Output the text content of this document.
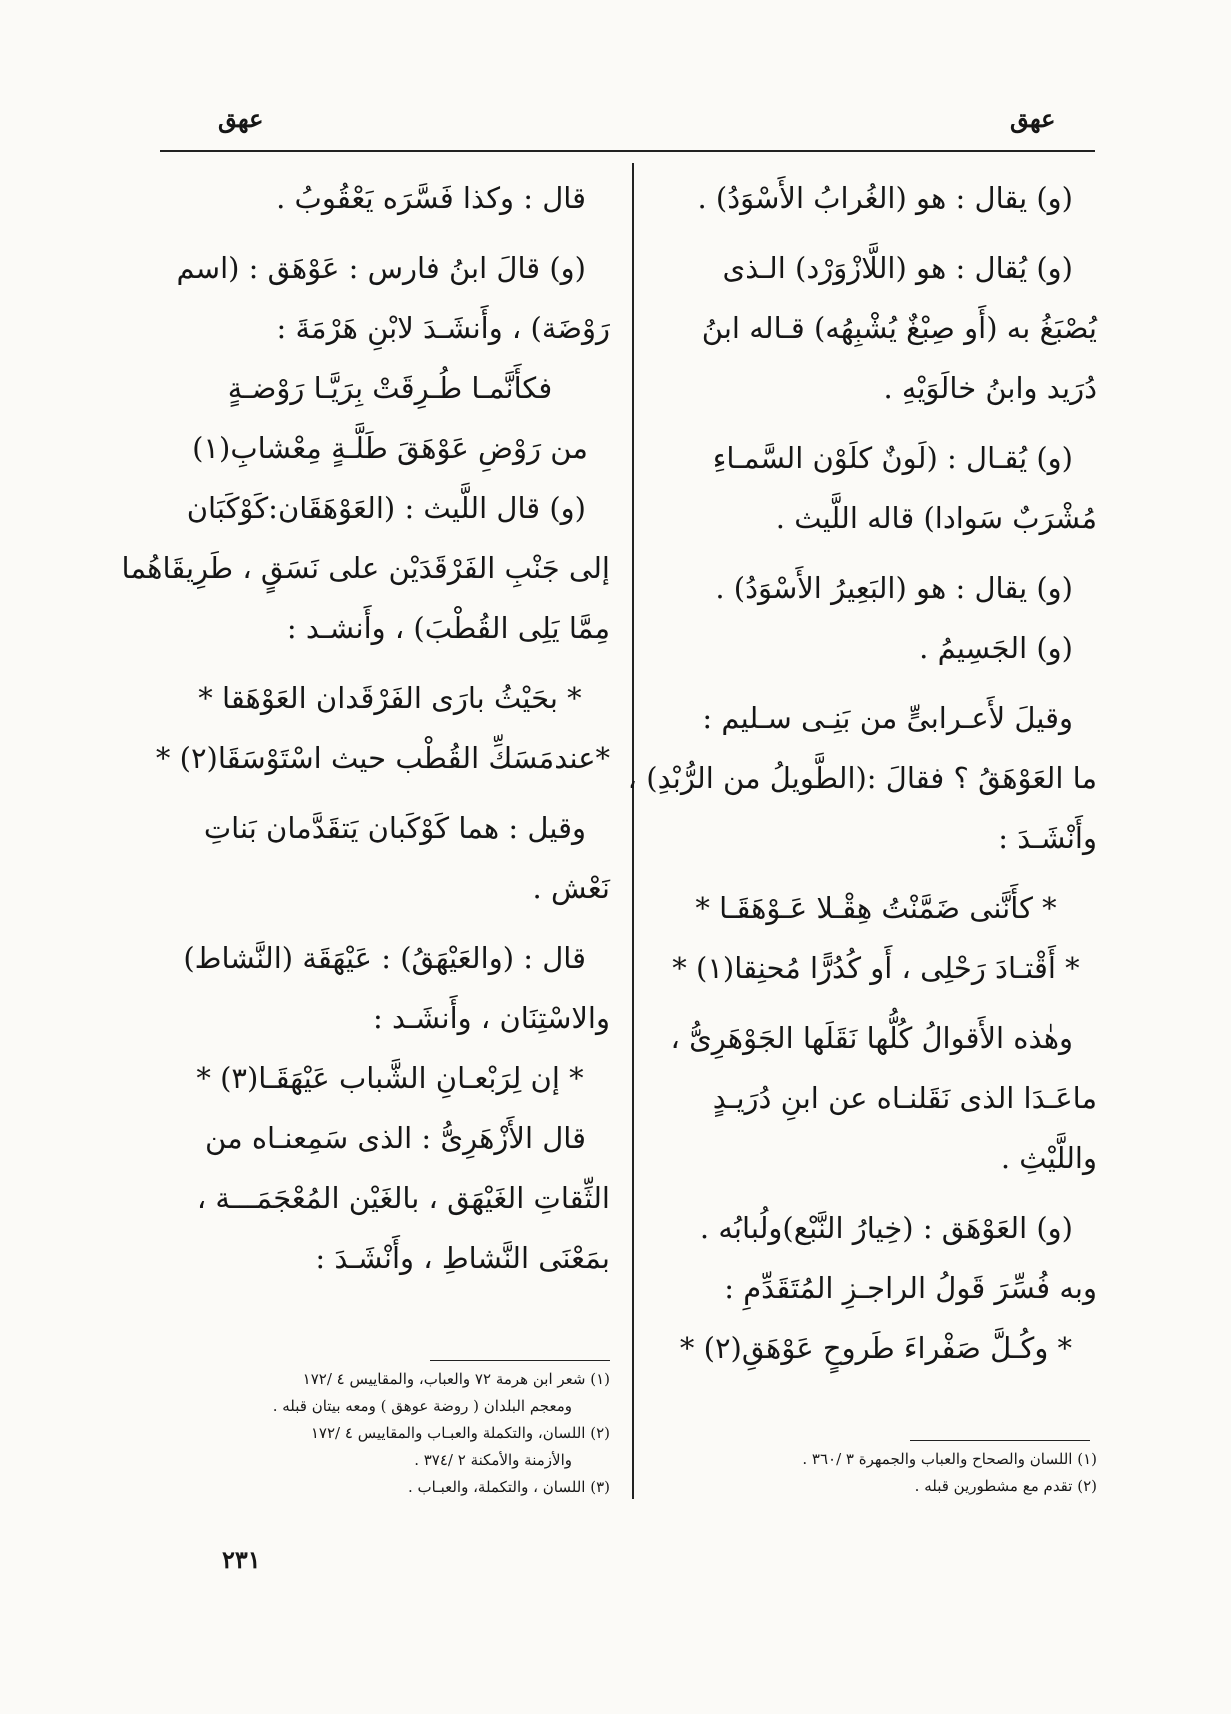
عهق	عهق
(و) يقال : هو (الغُرابُ الأَسْوَدُ) .
(و) يُقال : هو (اللَّازْوَرْد) الـذى
يُصْبَغُ به (أَو صِبْغٌ يُشْبِهُه) قـاله ابنُ
دُرَيد وابنُ خالَوَيْهِ .
(و) يُقـال : (لَونٌ كلَوْن السَّمـاءِ
مُشْرَبٌ سَوادا) قاله اللَّيث .
(و) يقال : هو (البَعِيرُ الأَسْوَدُ) .
(و) الجَسِيمُ .
وقيلَ لأَعـرابىٍّ من بَنِـى سـليم :
ما العَوْهَقُ ؟ فقالَ :(الطَّويلُ من الرُّبْدِ) ،
وأَنْشَـدَ :
* كأَنَّنى ضَمَّنْتُ هِقْـلا عَـوْهَقَـا *
* أَقْتـادَ رَحْلِى ، أَو كُدُرًّا مُحنِقا(١) *
وهٰذه الأَقوالُ كُلُّها نَقَلَها الجَوْهَرِىُّ ،
ماعَـدَا الذى نَقَلنـاه عن ابنِ دُرَيـدٍ
واللَّيْثِ .
(و) العَوْهَق : (خِيارُ النَّبْع)ولُبابُه .
وبه فُسِّرَ قَولُ الراجـزِ المُتَقَدِّمِ :
* وكُـلَّ صَفْراءَ طَروحٍ عَوْهَقِ(٢) *
قال : وكذا فَسَّرَه يَعْقُوبُ .
(و) قالَ ابنُ فارس : عَوْهَق : (اسم
رَوْضَة) ، وأَنشَـدَ لابْنِ هَرْمَةَ :
فكأَنَّمـا طُـرِقَتْ بِرَيَّـا رَوْضـةٍ
من رَوْضِ عَوْهَقَ طَلَّـةٍ مِعْشابِ(١)
(و) قال اللَّيث : (العَوْهَقَان:كَوْكَبَان
إلى جَنْبِ الفَرْقَدَيْن على نَسَقٍ ، طَرِيقَاهُما
مِمَّا يَلِى القُطْبَ) ، وأَنشـد :
* بحَيْثُ بارَى الفَرْقَدان العَوْهَقا *
*عندمَسَكِّ القُطْب حيث اسْتَوْسَقَا(٢) *
وقيل : هما كَوْكَبان يَتقَدَّمان بَناتِ
نَعْش .
قال : (والعَيْهَقُ) : عَيْهَقَة (النَّشاط)
والاسْتِنَان ، وأَنشَـد :
* إن لِرَبْعـانِ الشَّباب عَيْهَقَـا(٣) *
قال الأَزْهَرِىُّ : الذى سَمِعنـاه من
الثِّقاتِ الغَيْهَق ، بالغَيْن المُعْجَمَـــة ،
بمَعْنَى النَّشاطِ ، وأَنْشَـدَ :
(١) شعر ابن هرمة ٧٢ والعباب، والمقاييس ٤ /١٧٢
ومعجم البلدان ( روضة عوهق ) ومعه بيتان قبله .
(٢) اللسان، والتكملة والعبـاب والمقاييس ٤ /١٧٢
والأزمنة والأمكنة ٢ /٣٧٤ .
(٣) اللسان ، والتكملة، والعبـاب .
(١) اللسان والصحاح والعباب والجمهرة ٣ /٣٦٠ .
(٢) تقدم مع مشطورين قبله .
٢٣١
